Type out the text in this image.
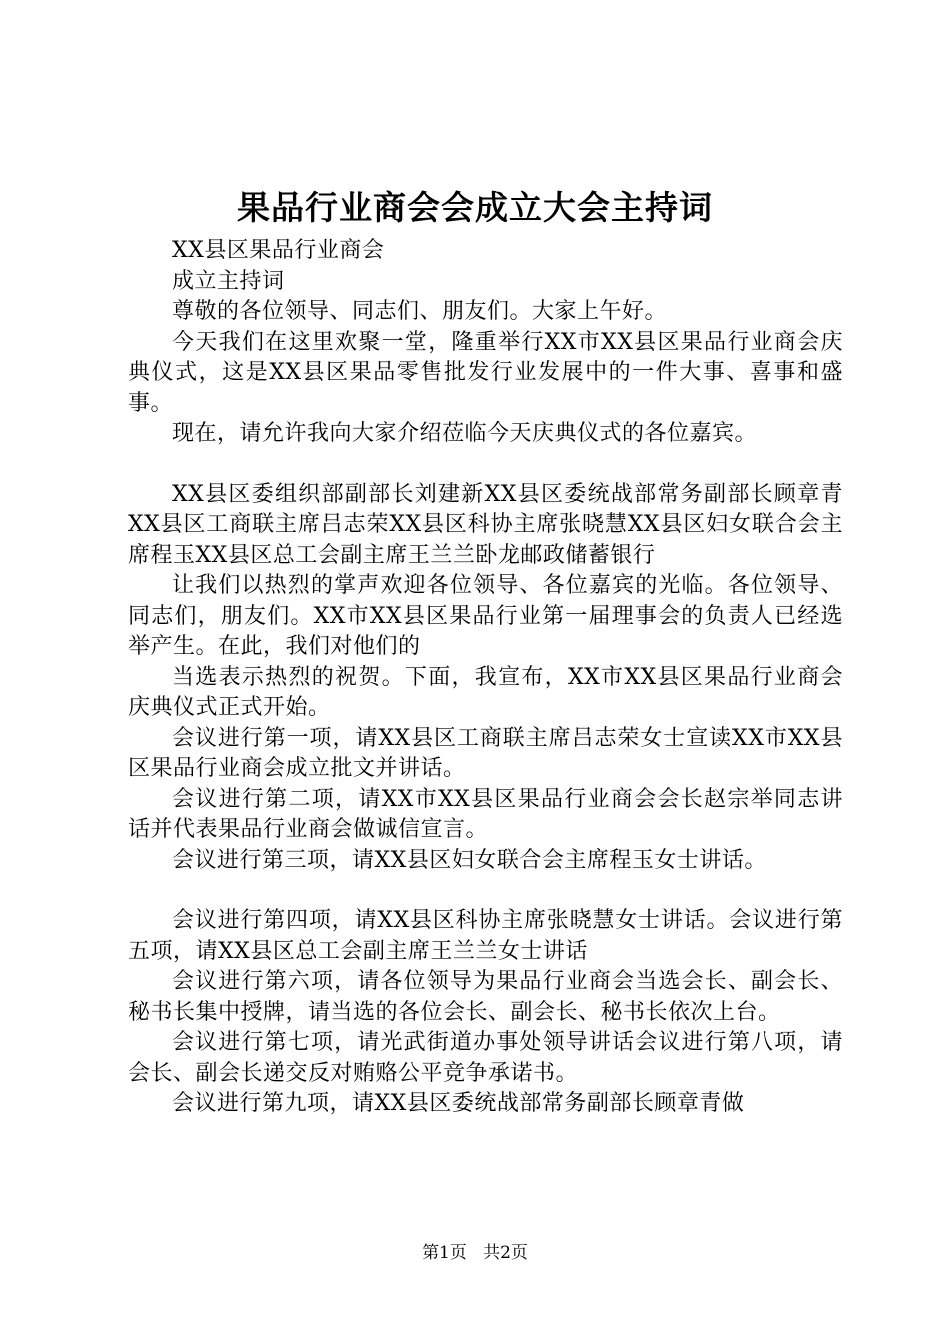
果品行业商会会成立大会主持词

XX县区果品行业商会

成立主持词

尊敬的各位领导、同志们、朋友们。大家上午好。

今天我们在这里欢聚一堂，隆重举行XX市XX县区果品行业商会庆典仪式，这是XX县区果品零售批发行业发展中的一件大事、喜事和盛事。

现在，请允许我向大家介绍莅临今天庆典仪式的各位嘉宾。

XX县区委组织部副部长刘建新XX县区委统战部常务副部长顾章青XX县区工商联主席吕志荣XX县区科协主席张晓慧XX县区妇女联合会主席程玉XX县区总工会副主席王兰兰卧龙邮政储蓄银行

让我们以热烈的掌声欢迎各位领导、各位嘉宾的光临。各位领导、同志们，朋友们。XX市XX县区果品行业第一届理事会的负责人已经选举产生。在此，我们对他们的

当选表示热烈的祝贺。下面，我宣布，XX市XX县区果品行业商会庆典仪式正式开始。

会议进行第一项，请XX县区工商联主席吕志荣女士宣读XX市XX县区果品行业商会成立批文并讲话。

会议进行第二项，请XX市XX县区果品行业商会会长赵宗举同志讲话并代表果品行业商会做诚信宣言。

会议进行第三项，请XX县区妇女联合会主席程玉女士讲话。

会议进行第四项，请XX县区科协主席张晓慧女士讲话。会议进行第五项，请XX县区总工会副主席王兰兰女士讲话

会议进行第六项，请各位领导为果品行业商会当选会长、副会长、秘书长集中授牌，请当选的各位会长、副会长、秘书长依次上台。

会议进行第七项，请光武街道办事处领导讲话会议进行第八项，请会长、副会长递交反对贿赂公平竞争承诺书。

会议进行第九项，请XX县区委统战部常务副部长顾章青做

第1页 共2页
